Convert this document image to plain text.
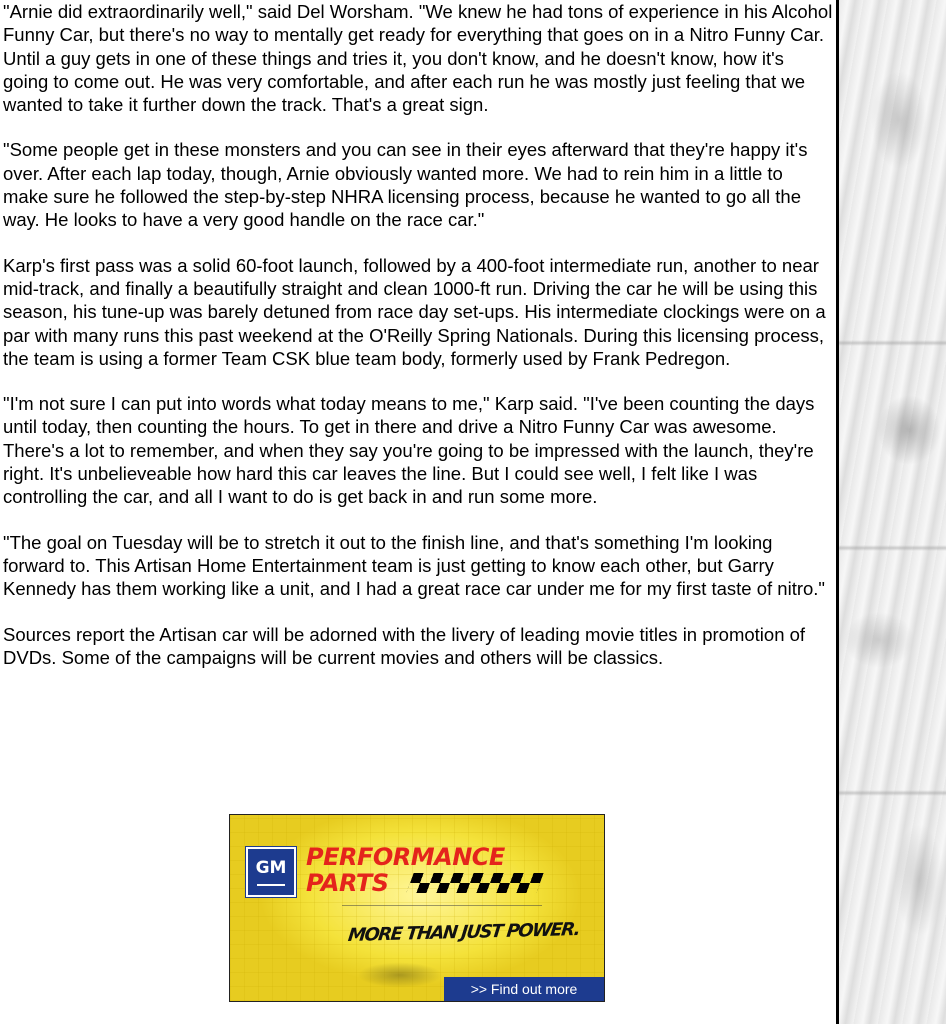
"Arnie did extraordinarily well," said Del Worsham. "We knew he had tons of experience in his Alcohol Funny Car, but there's no way to mentally get ready for everything that goes on in a Nitro Funny Car. Until a guy gets in one of these things and tries it, you don't know, and he doesn't know, how it's going to come out. He was very comfortable, and after each run he was mostly just feeling that we wanted to take it further down the track. That's a great sign.

"Some people get in these monsters and you can see in their eyes afterward that they're happy it's over. After each lap today, though, Arnie obviously wanted more. We had to rein him in a little to make sure he followed the step-by-step NHRA licensing process, because he wanted to go all the way. He looks to have a very good handle on the race car."

Karp's first pass was a solid 60-foot launch, followed by a 400-foot intermediate run, another to near mid-track, and finally a beautifully straight and clean 1000-ft run. Driving the car he will be using this season, his tune-up was barely detuned from race day set-ups. His intermediate clockings were on a par with many runs this past weekend at the O'Reilly Spring Nationals. During this licensing process, the team is using a former Team CSK blue team body, formerly used by Frank Pedregon.

"I'm not sure I can put into words what today means to me," Karp said. "I've been counting the days until today, then counting the hours. To get in there and drive a Nitro Funny Car was awesome. There's a lot to remember, and when they say you're going to be impressed with the launch, they're right. It's unbelieveable how hard this car leaves the line. But I could see well, I felt like I was controlling the car, and all I want to do is get back in and run some more.

"The goal on Tuesday will be to stretch it out to the finish line, and that's something I'm looking forward to. This Artisan Home Entertainment team is just getting to know each other, but Garry Kennedy has them working like a unit, and I had a great race car under me for my first taste of nitro."

Sources report the Artisan car will be adorned with the livery of leading movie titles in promotion of DVDs. Some of the campaigns will be current movies and others will be classics.

GM PERFORMANCE
PARTS
MORE THAN JUST POWER.
>> Find out more
